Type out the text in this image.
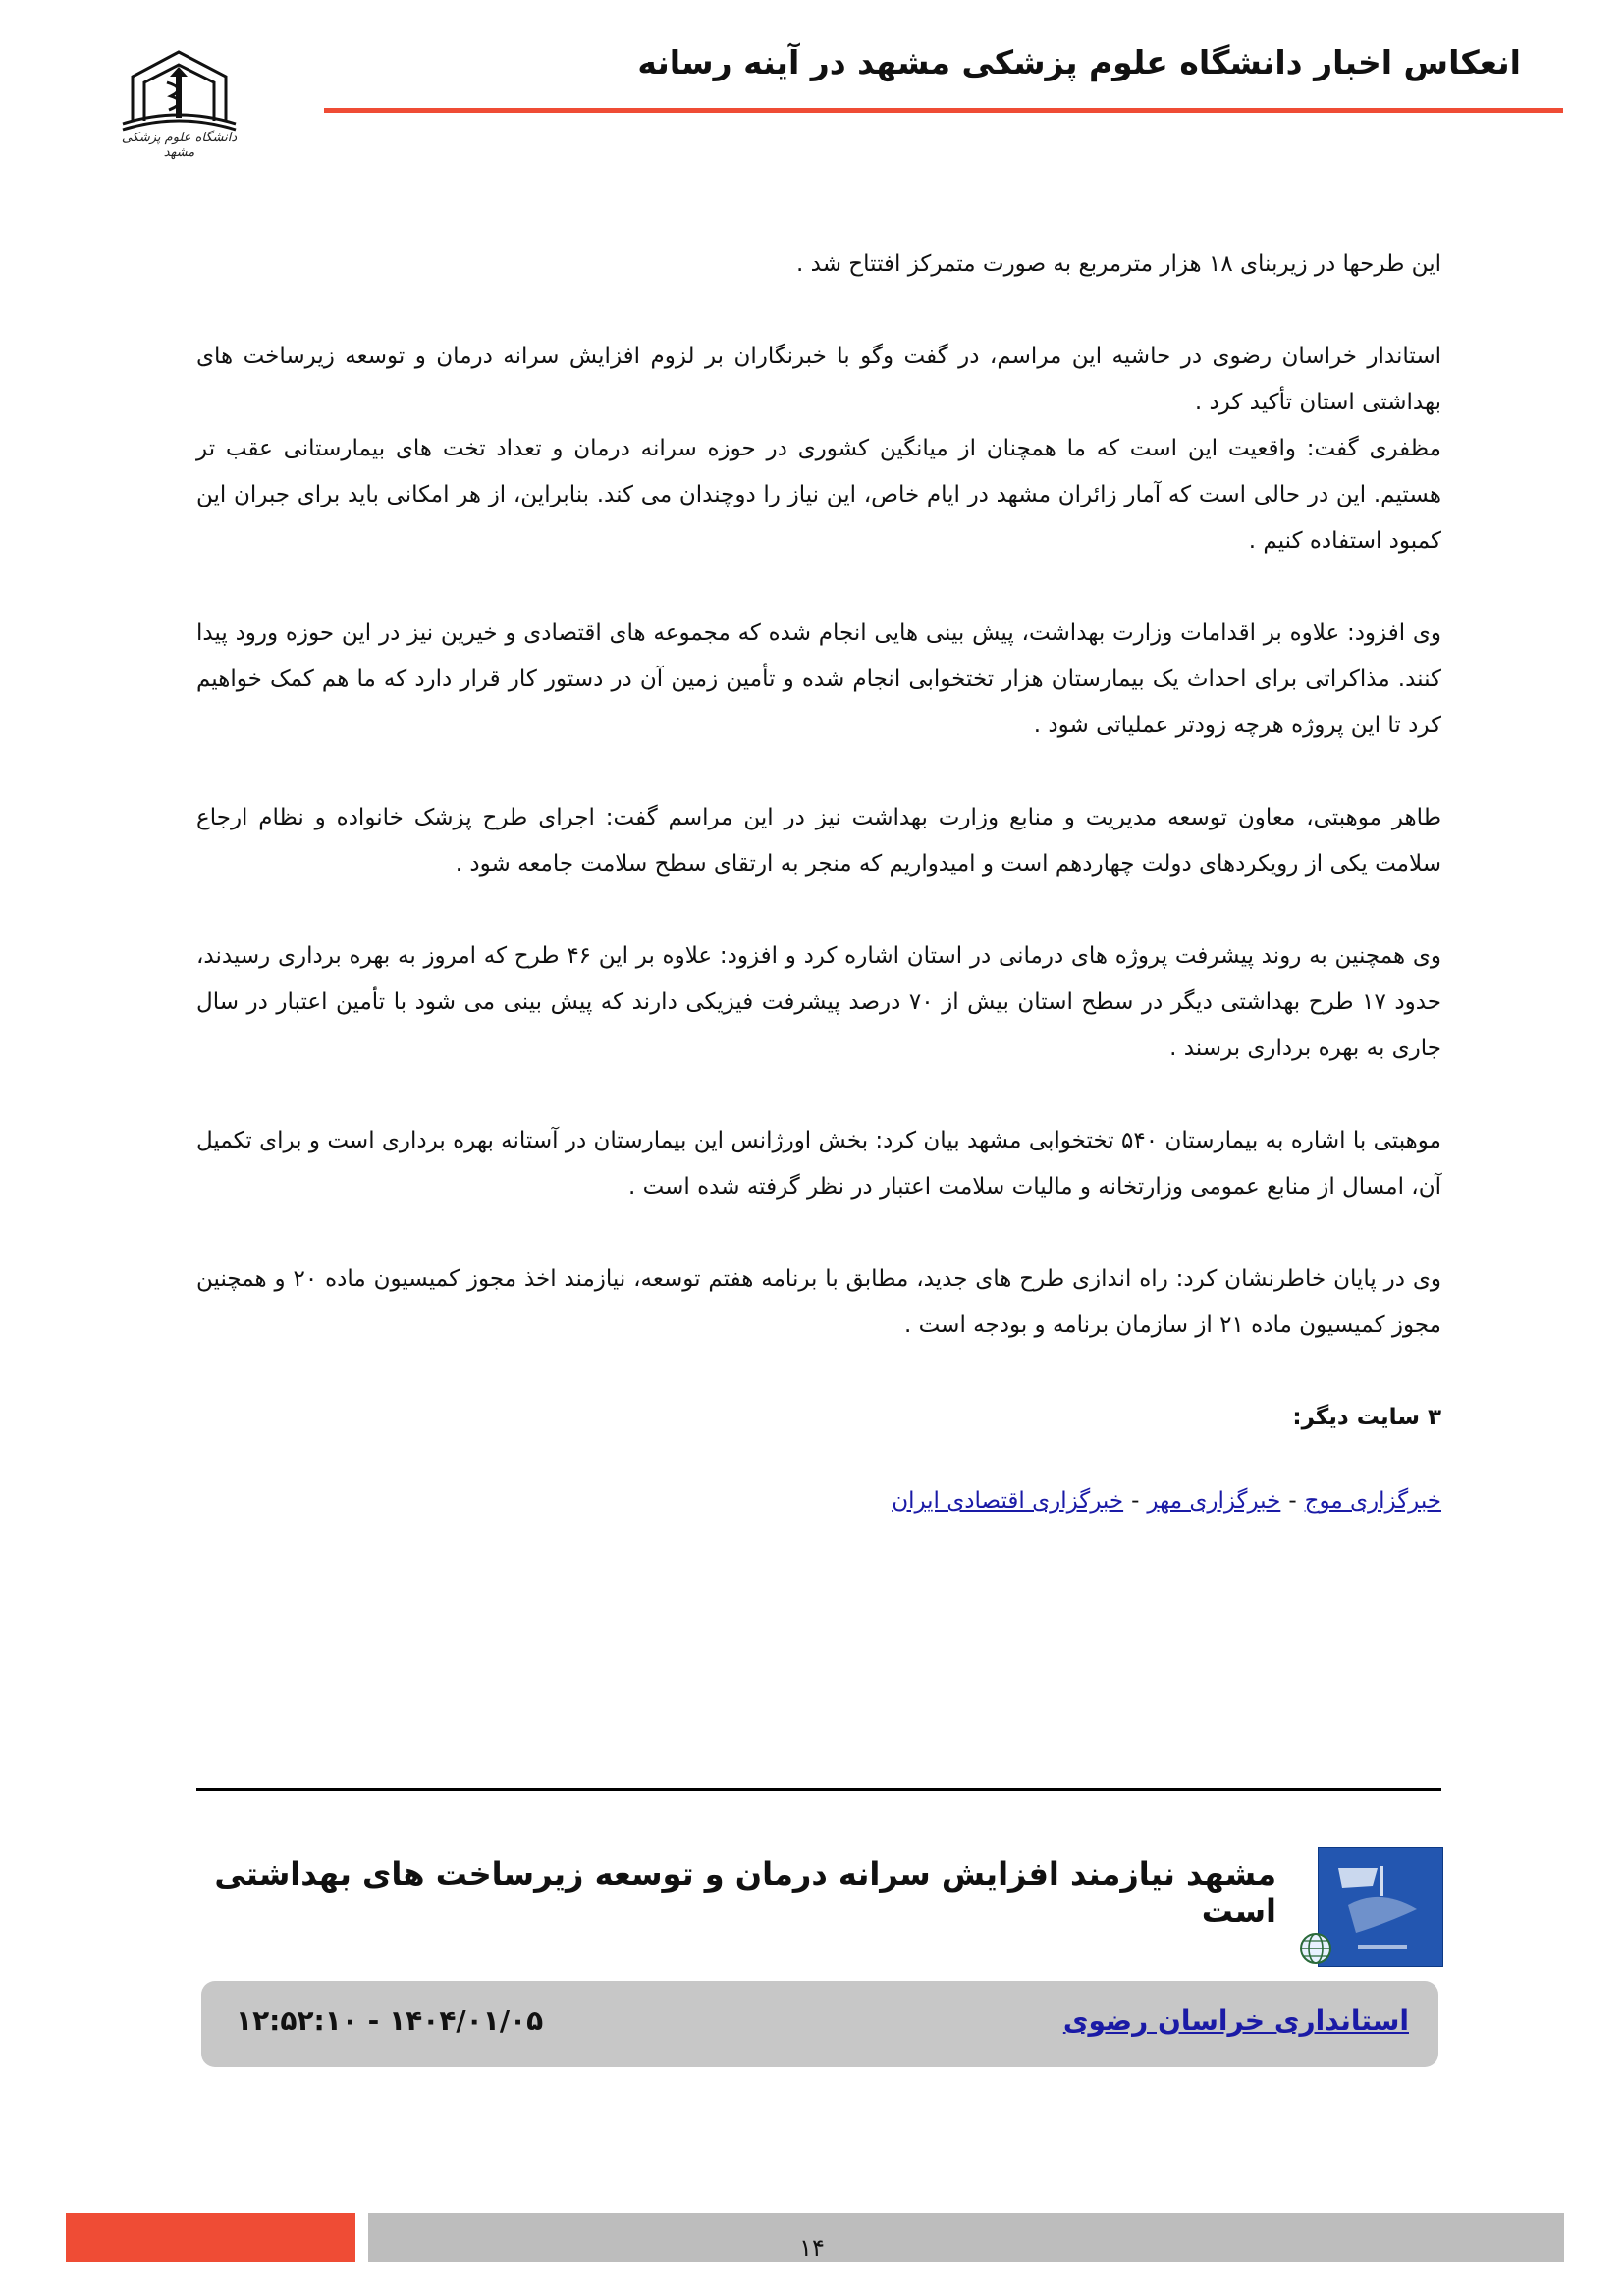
انعکاس اخبار دانشگاه علوم پزشکی مشهد در آینه رسانه
دانشگاه علوم پزشکی مشهد

این طرحها در زیربنای ۱۸ هزار مترمربع به صورت متمرکز افتتاح شد .

استاندار خراسان رضوی در حاشیه این مراسم، در گفت وگو با خبرنگاران بر لزوم افزایش سرانه درمان و توسعه زیرساخت های بهداشتی استان تأکید کرد .

مظفری گفت: واقعیت این است که ما همچنان از میانگین کشوری در حوزه سرانه درمان و تعداد تخت های بیمارستانی عقب تر هستیم. این در حالی است که آمار زائران مشهد در ایام خاص، این نیاز را دوچندان می کند. بنابراین، از هر امکانی باید برای جبران این کمبود استفاده کنیم .

وی افزود: علاوه بر اقدامات وزارت بهداشت، پیش بینی هایی انجام شده که مجموعه های اقتصادی و خیرین نیز در این حوزه ورود پیدا کنند. مذاکراتی برای احداث یک بیمارستان هزار تختخوابی انجام شده و تأمین زمین آن در دستور کار قرار دارد که ما هم کمک خواهیم کرد تا این پروژه هرچه زودتر عملیاتی شود .

طاهر موهبتی، معاون توسعه مدیریت و منابع وزارت بهداشت نیز در این مراسم گفت: اجرای طرح پزشک خانواده و نظام ارجاع سلامت یکی از رویکردهای دولت چهاردهم است و امیدواریم که منجر به ارتقای سطح سلامت جامعه شود .

وی همچنین به روند پیشرفت پروژه های درمانی در استان اشاره کرد و افزود: علاوه بر این ۴۶ طرح که امروز به بهره برداری رسیدند، حدود ۱۷ طرح بهداشتی دیگر در سطح استان بیش از ۷۰ درصد پیشرفت فیزیکی دارند که پیش بینی می شود با تأمین اعتبار در سال جاری به بهره برداری برسند .

موهبتی با اشاره به بیمارستان ۵۴۰ تختخوابی مشهد بیان کرد: بخش اورژانس این بیمارستان در آستانه بهره برداری است و برای تکمیل آن، امسال از منابع عمومی وزارتخانه و مالیات سلامت اعتبار در نظر گرفته شده است .

وی در پایان خاطرنشان کرد: راه اندازی طرح های جدید، مطابق با برنامه هفتم توسعه، نیازمند اخذ مجوز کمیسیون ماده ۲۰ و همچنین مجوز کمیسیون ماده ۲۱ از سازمان برنامه و بودجه است .

۳ سایت دیگر:

خبرگزاری موج-خبرگزاری مهر-خبرگزاری اقتصادی ایران

مشهد نیازمند افزایش سرانه درمان و توسعه زیرساخت های بهداشتی است
استانداری خراسان رضوی
۱۴۰۴/۰۱/۰۵ - ۱۲:۵۲:۱۰
۱۴
